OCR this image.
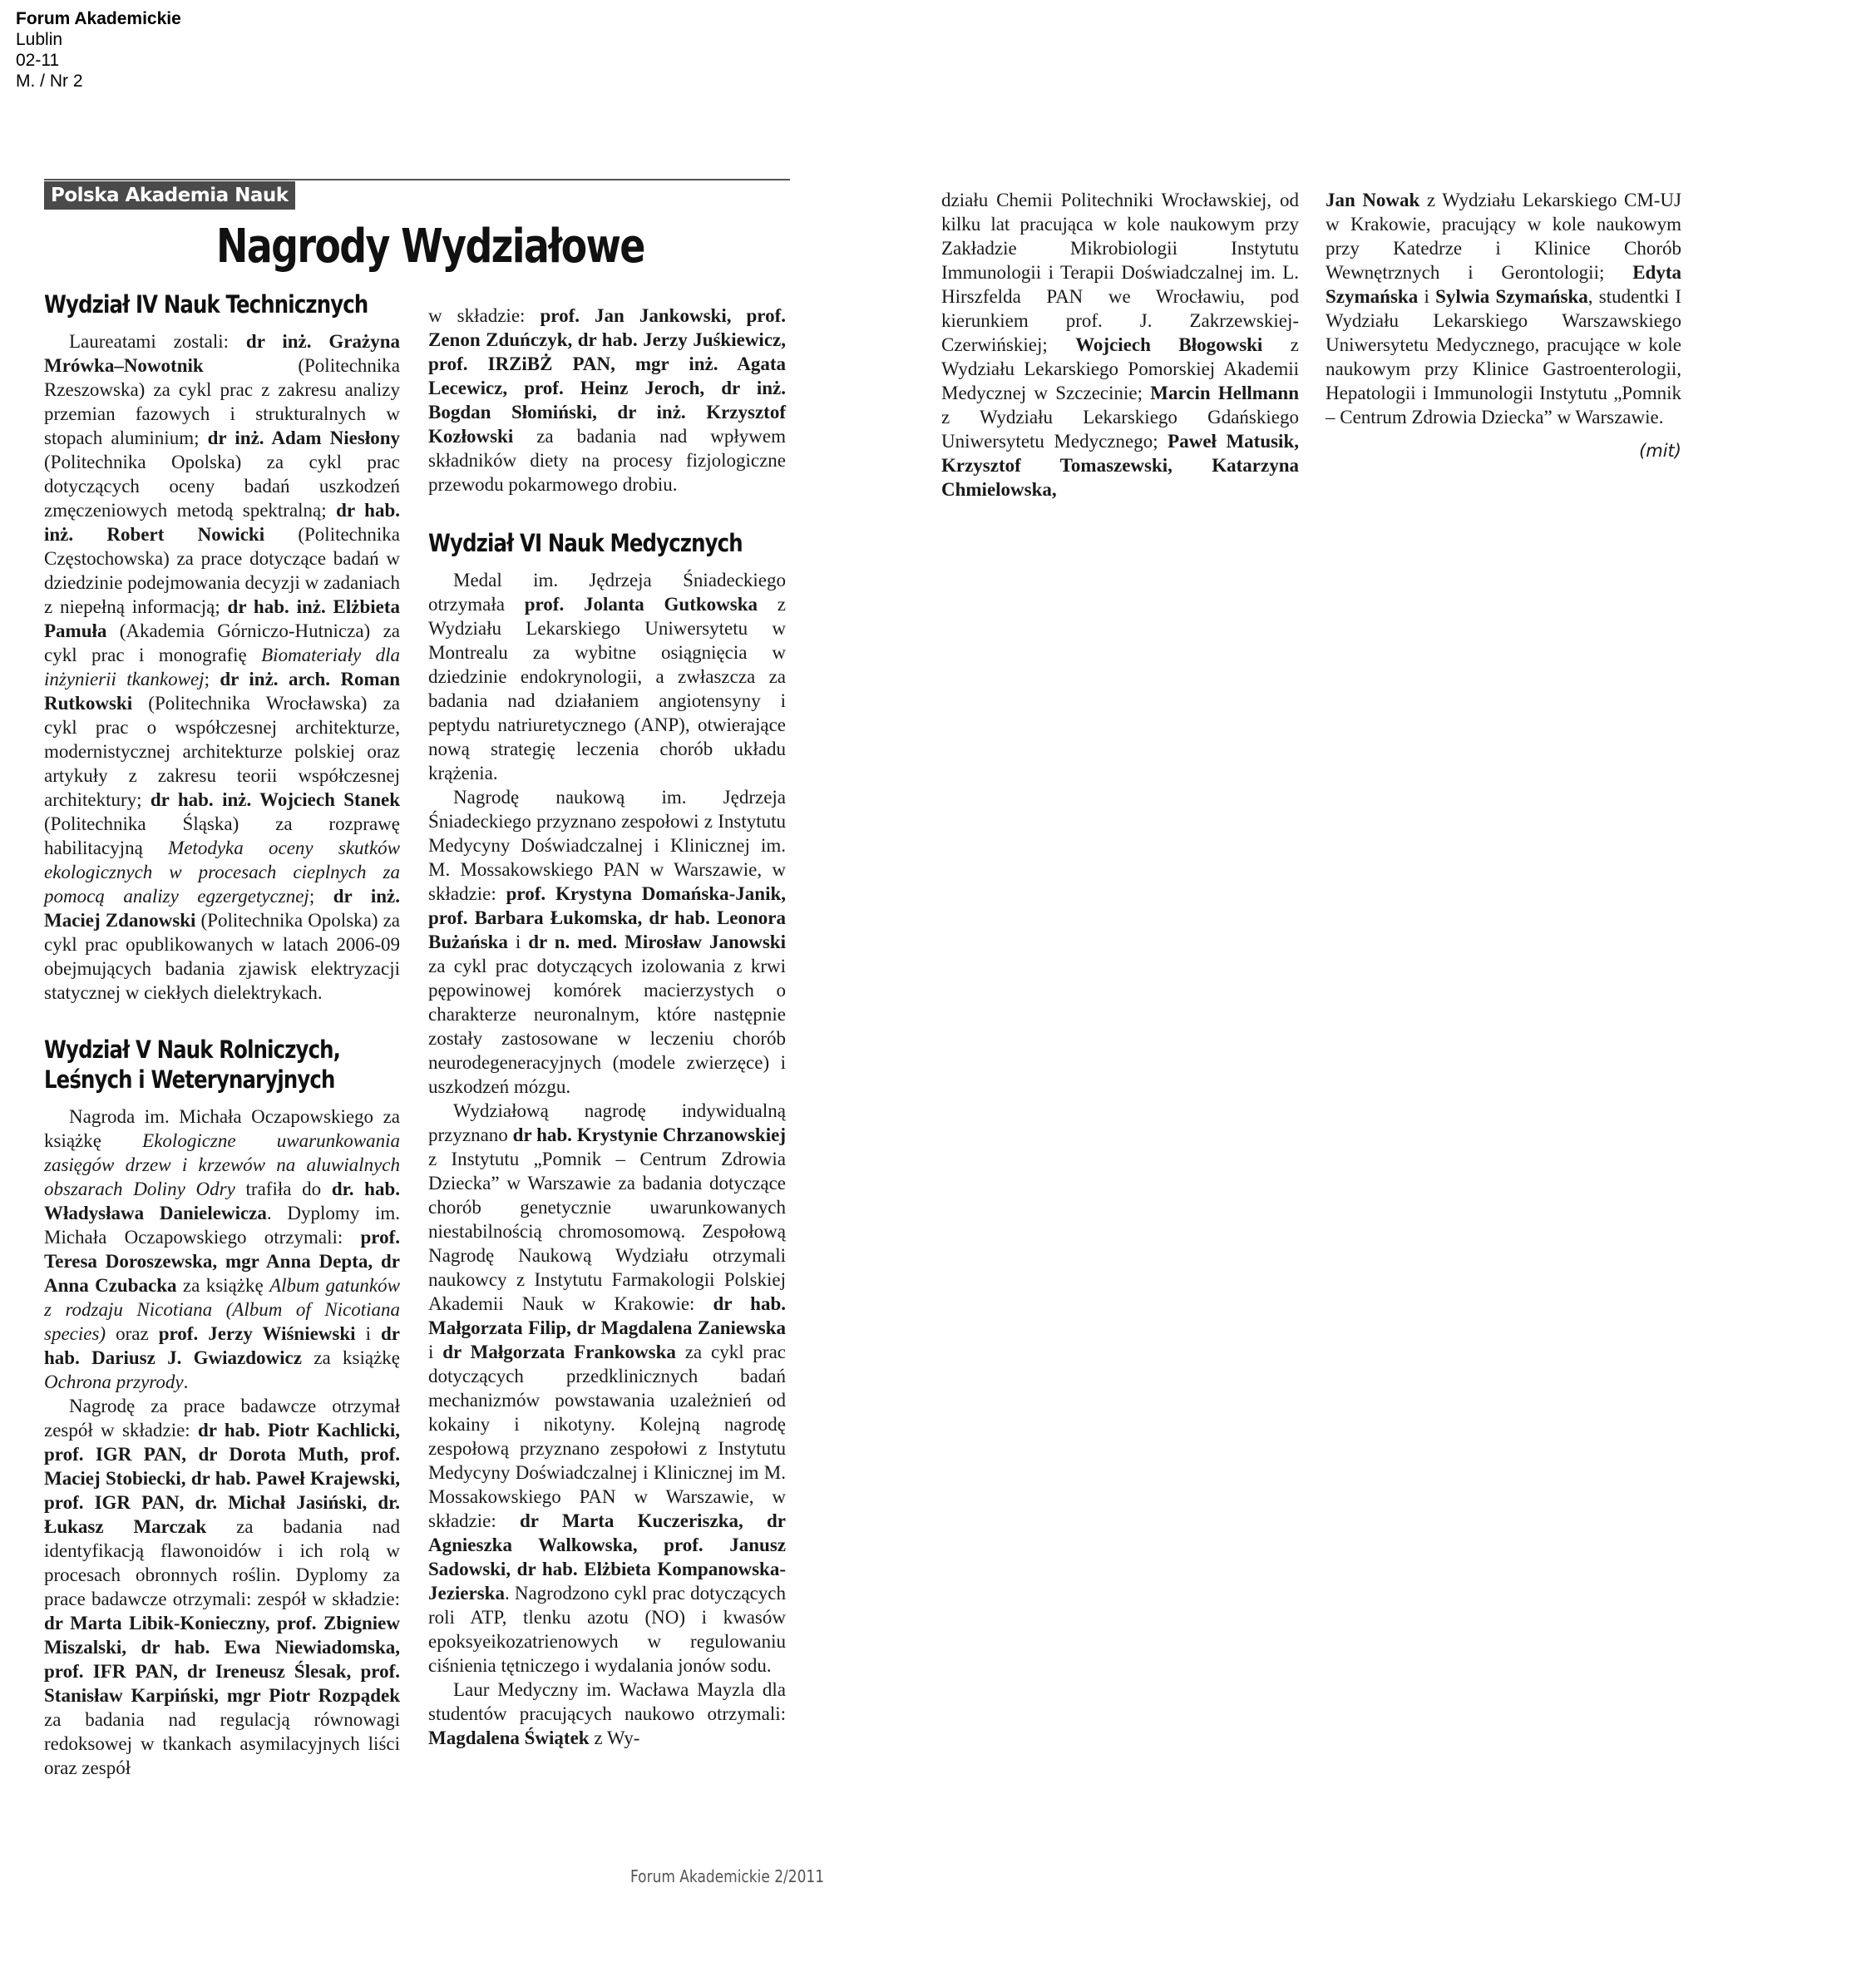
Forum Akademickie
Lublin
02-11
M. / Nr 2
Polska Akademia Nauk
Nagrody Wydziałowe
Wydział IV Nauk Technicznych

Laureatami zostali: dr inż. Grażyna Mrówka–Nowotnik (Politechnika Rzeszowska) za cykl prac z zakresu analizy przemian fazowych i strukturalnych w stopach aluminium; dr inż. Adam Niesłony (Politechnika Opolska) za cykl prac dotyczących oceny badań uszkodzeń zmęczeniowych metodą spektralną; dr hab. inż. Robert Nowicki (Politechnika Częstochowska) za prace dotyczące badań w dziedzinie podejmowania decyzji w zadaniach z niepełną informacją; dr hab. inż. Elżbieta Pamuła (Akademia Górniczo-Hutnicza) za cykl prac i monografię Biomateriały dla inżynierii tkankowej; dr inż. arch. Roman Rutkowski (Politechnika Wrocławska) za cykl prac o współczesnej architekturze, modernistycznej architekturze polskiej oraz artykuły z zakresu teorii współczesnej architektury; dr hab. inż. Wojciech Stanek (Politechnika Śląska) za rozprawę habilitacyjną Metodyka oceny skutków ekologicznych w procesach cieplnych za pomocą analizy egzergetycznej; dr inż. Maciej Zdanowski (Politechnika Opolska) za cykl prac opublikowanych w latach 2006-09 obejmujących badania zjawisk elektryzacji statycznej w ciekłych dielektrykach.

Wydział V Nauk Rolniczych,
Leśnych i Weterynaryjnych

Nagroda im. Michała Oczapowskiego za książkę Ekologiczne uwarunkowania zasięgów drzew i krzewów na aluwialnych obszarach Doliny Odry trafiła do dr. hab. Władysława Danielewicza. Dyplomy im. Michała Oczapowskiego otrzymali: prof. Teresa Doroszewska, mgr Anna Depta, dr Anna Czubacka za książkę Album gatunków z rodzaju Nicotiana (Album of Nicotiana species) oraz prof. Jerzy Wiśniewski i dr hab. Dariusz J. Gwiazdowicz za książkę Ochrona przyrody.

Nagrodę za prace badawcze otrzymał zespół w składzie: dr hab. Piotr Kachlicki, prof. IGR PAN, dr Dorota Muth, prof. Maciej Stobiecki, dr hab. Paweł Krajewski, prof. IGR PAN, dr. Michał Jasiński, dr. Łukasz Marczak za badania nad identyfikacją flawonoidów i ich rolą w procesach obronnych roślin. Dyplomy za prace badawcze otrzymali: zespół w składzie: dr Marta Libik-Konieczny, prof. Zbigniew Miszalski, dr hab. Ewa Niewiadomska, prof. IFR PAN, dr Ireneusz Ślesak, prof. Stanisław Karpiński, mgr Piotr Rozpądek za badania nad regulacją równowagi redoksowej w tkankach asymilacyjnych liści oraz zespół

w składzie: prof. Jan Jankowski, prof. Zenon Zduńczyk, dr hab. Jerzy Juśkiewicz, prof. IRZiBŻ PAN, mgr inż. Agata Lecewicz, prof. Heinz Jeroch, dr inż. Bogdan Słomiński, dr inż. Krzysztof Kozłowski za badania nad wpływem składników diety na procesy fizjologiczne przewodu pokarmowego drobiu.

Wydział VI Nauk Medycznych

Medal im. Jędrzeja Śniadeckiego otrzymała prof. Jolanta Gutkowska z Wydziału Lekarskiego Uniwersytetu w Montrealu za wybitne osiągnięcia w dziedzinie endokrynologii, a zwłaszcza za badania nad działaniem angiotensyny i peptydu natriuretycznego (ANP), otwierające nową strategię leczenia chorób układu krążenia.

Nagrodę naukową im. Jędrzeja Śniadeckiego przyznano zespołowi z Instytutu Medycyny Doświadczalnej i Klinicznej im. M. Mossakowskiego PAN w Warszawie, w składzie: prof. Krystyna Domańska-Janik, prof. Barbara Łukomska, dr hab. Leonora Bużańska i dr n. med. Mirosław Janowski za cykl prac dotyczących izolowania z krwi pępowinowej komórek macierzystych o charakterze neuronalnym, które następnie zostały zastosowane w leczeniu chorób neurodegeneracyjnych (modele zwierzęce) i uszkodzeń mózgu.

Wydziałową nagrodę indywidualną przyznano dr hab. Krystynie Chrzanowskiej z Instytutu „Pomnik – Centrum Zdrowia Dziecka” w Warszawie za badania dotyczące chorób genetycznie uwarunkowanych niestabilnością chromosomową. Zespołową Nagrodę Naukową Wydziału otrzymali naukowcy z Instytutu Farmakologii Polskiej Akademii Nauk w Krakowie: dr hab. Małgorzata Filip, dr Magdalena Zaniewska i dr Małgorzata Frankowska za cykl prac dotyczących przedklinicznych badań mechanizmów powstawania uzależnień od kokainy i nikotyny. Kolejną nagrodę zespołową przyznano zespołowi z Instytutu Medycyny Doświadczalnej i Klinicznej im M. Mossakowskiego PAN w Warszawie, w składzie: dr Marta Kuczeriszka, dr Agnieszka Walkowska, prof. Janusz Sadowski, dr hab. Elżbieta Kompanowska-Jezierska. Nagrodzono cykl prac dotyczących roli ATP, tlenku azotu (NO) i kwasów epoksyeikozatrienowych w regulowaniu ciśnienia tętniczego i wydalania jonów sodu.

Laur Medyczny im. Wacława Mayzla dla studentów pracujących naukowo otrzymali: Magdalena Świątek z Wy-

działu Chemii Politechniki Wrocławskiej, od kilku lat pracująca w kole naukowym przy Zakładzie Mikrobiologii Instytutu Immunologii i Terapii Doświadczalnej im. L. Hirszfelda PAN we Wrocławiu, pod kierunkiem prof. J. Zakrzewskiej-Czerwińskiej; Wojciech Błogowski z Wydziału Lekarskiego Pomorskiej Akademii Medycznej w Szczecinie; Marcin Hellmann z Wydziału Lekarskiego Gdańskiego Uniwersytetu Medycznego; Paweł Matusik, Krzysztof Tomaszewski, Katarzyna Chmielowska,

Jan Nowak z Wydziału Lekarskiego CM-UJ w Krakowie, pracujący w kole naukowym przy Katedrze i Klinice Chorób Wewnętrznych i Gerontologii; Edyta Szymańska i Sylwia Szymańska, studentki I Wydziału Lekarskiego Warszawskiego Uniwersytetu Medycznego, pracujące w kole naukowym przy Klinice Gastroenterologii, Hepatologii i Immunologii Instytutu „Pomnik – Centrum Zdrowia Dziecka” w Warszawie.

(mit)
Forum Akademickie 2/2011
